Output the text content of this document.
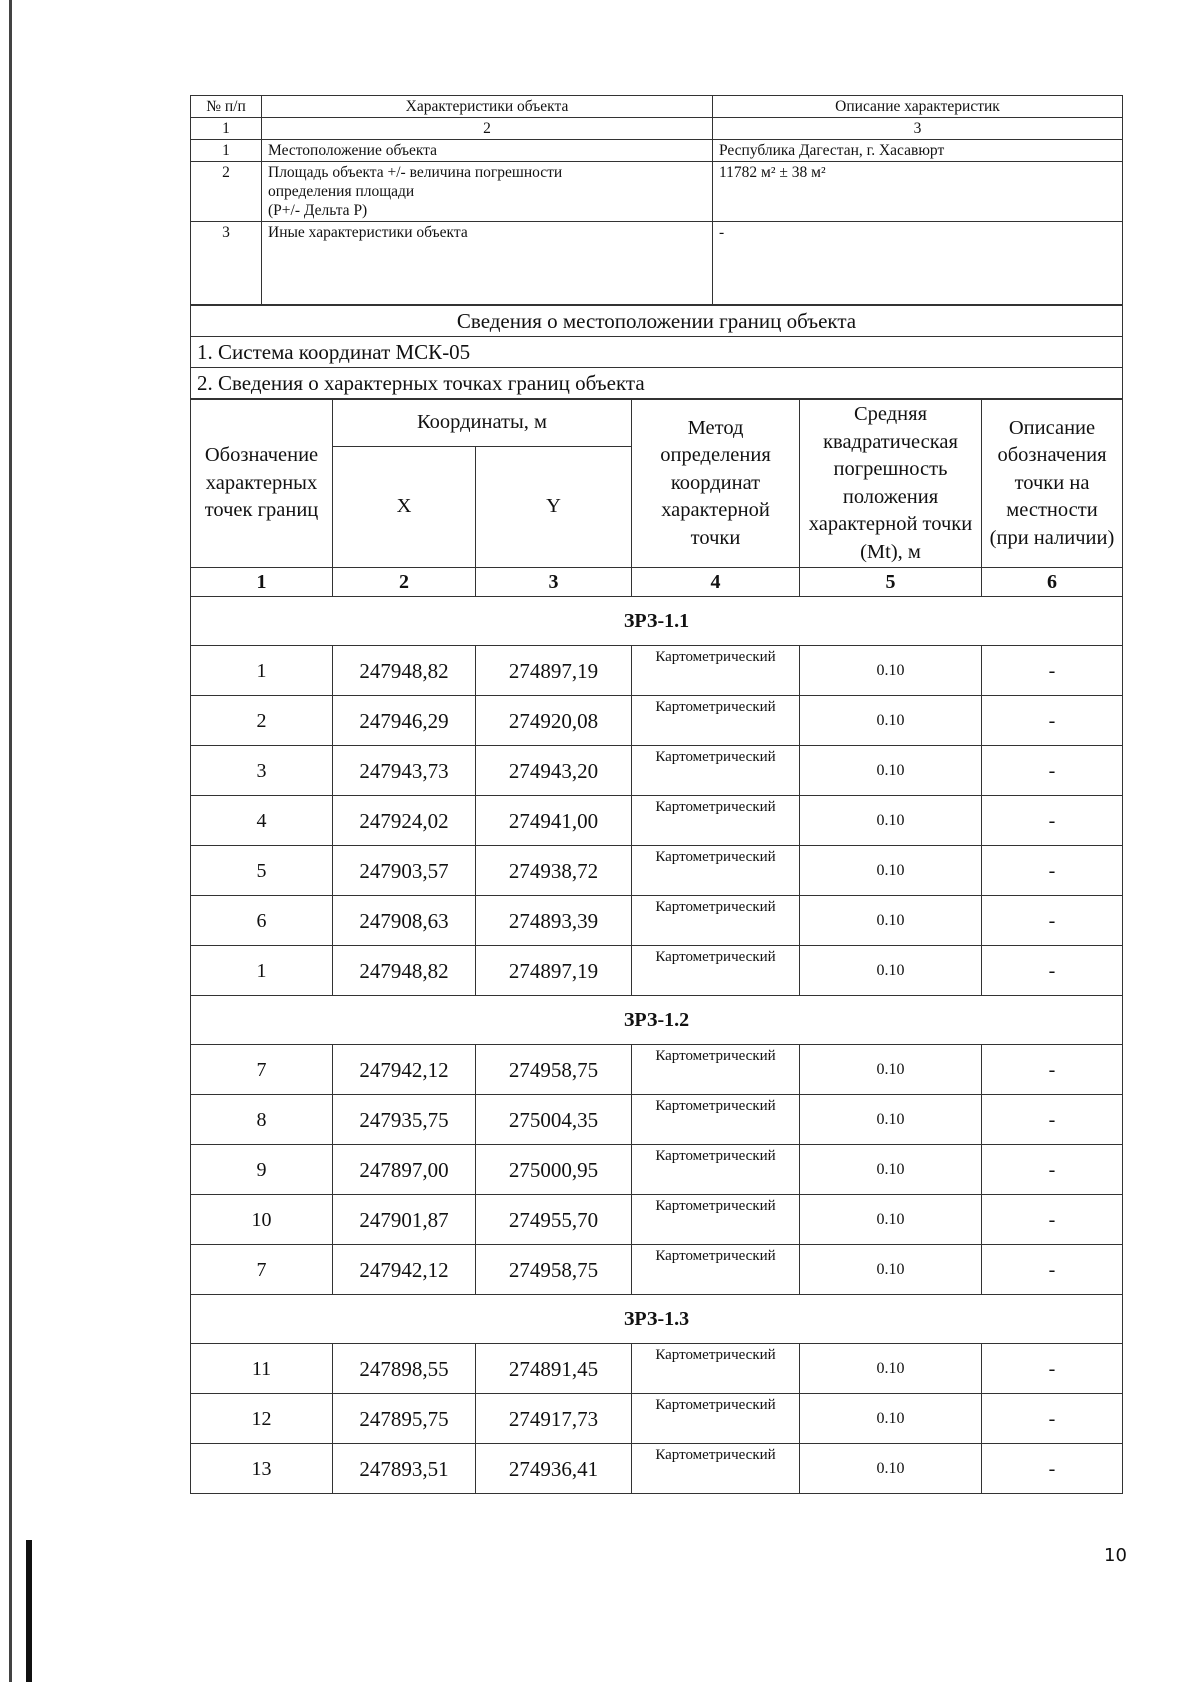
№ п/п	Характеристики объекта	Описание характеристик
1	2	3
1	Местоположение объекта	Республика Дагестан, г. Хасавюрт
2	Площадь объекта +/- величина погрешности
определения площади
(Р+/- Дельта Р)	11782 м² ± 38 м²
3	Иные характеристики объекта	-
Сведения о местоположении границ объекта
1. Система координат МСК-05
2. Сведения о характерных точках границ объекта
Обозначение характерных точек границ	Координаты, м		Метод определения координат характерной точки	Средняя квадратическая погрешность положения характерной точки (Mt), м	Описание обозначения точки на местности (при наличии)
	X	Y			
1	2	3	4	5	6
ЗРЗ-1.1					
1	247948,82	274897,19	Картометрический	0.10	-
2	247946,29	274920,08	Картометрический	0.10	-
3	247943,73	274943,20	Картометрический	0.10	-
4	247924,02	274941,00	Картометрический	0.10	-
5	247903,57	274938,72	Картометрический	0.10	-
6	247908,63	274893,39	Картометрический	0.10	-
1	247948,82	274897,19	Картометрический	0.10	-
ЗРЗ-1.2					
7	247942,12	274958,75	Картометрический	0.10	-
8	247935,75	275004,35	Картометрический	0.10	-
9	247897,00	275000,95	Картометрический	0.10	-
10	247901,87	274955,70	Картометрический	0.10	-
7	247942,12	274958,75	Картометрический	0.10	-
ЗРЗ-1.3					
11	247898,55	274891,45	Картометрический	0.10	-
12	247895,75	274917,73	Картометрический	0.10	-
13	247893,51	274936,41	Картометрический	0.10	-
10
